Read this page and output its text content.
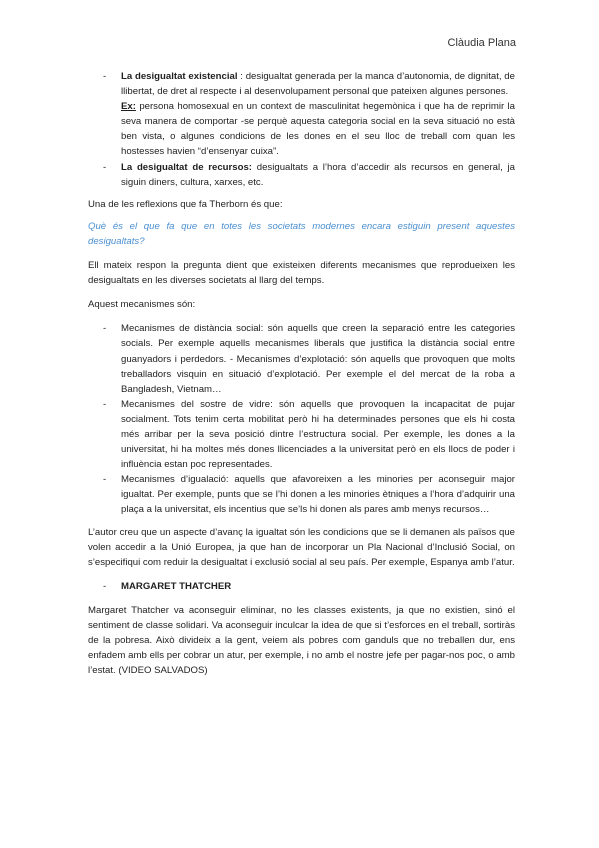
Clàudia Plana

- La desigualtat existencial : desigualtat generada per la manca d’autonomia, de dignitat, de llibertat, de dret al respecte i al desenvolupament personal que pateixen algunes persones.

Ex: persona homosexual en un context de masculinitat hegemònica i que ha de reprimir la seva manera de comportar -se perquè aquesta categoria social en la seva situació no està ben vista, o algunes condicions de les dones en el seu lloc de treball com quan les hostesses havien “d’ensenyar cuixa”.

- La desigualtat de recursos: desigualtats a l’hora d’accedir als recursos en general, ja siguin diners, cultura, xarxes, etc.

Una de les reflexions que fa Therborn és que:

Què és el que fa que en totes les societats modernes encara estiguin present aquestes desigualtats?

Ell mateix respon la pregunta dient que existeixen diferents mecanismes que reprodueixen les desigualtats en les diverses societats al llarg del temps.

Aquest mecanismes són:

- Mecanismes de distància social: són aquells que creen la separació entre les categories socials. Per exemple aquells mecanismes liberals que justifica la distància social entre guanyadors i perdedors. - Mecanismes d’explotació: són aquells que provoquen que molts treballadors visquin en situació d’explotació. Per exemple el del mercat de la roba a Bangladesh, Vietnam…
- Mecanismes del sostre de vidre: són aquells que provoquen la incapacitat de pujar socialment. Tots tenim certa mobilitat però hi ha determinades persones que els hi costa més arribar per la seva posició dintre l’estructura social. Per exemple, les dones a la universitat, hi ha moltes més dones llicenciades a la universitat però en els llocs de poder i influència estan poc representades.
- Mecanismes d’igualació: aquells que afavoreixen a les minories per aconseguir major igualtat. Per exemple, punts que se l’hi donen a les minories ètniques a l’hora d’adquirir una plaça a la universitat, els incentius que se’ls hi donen als pares amb menys recursos…

L’autor creu que un aspecte d’avanç la igualtat són les condicions que se li demanen als països que volen accedir a la Unió Europea, ja que han de incorporar un Pla Nacional d’Inclusió Social, on s’especifiqui com reduir la desigualtat i exclusió social al seu país. Per exemple, Espanya amb l’atur.

- MARGARET THATCHER

Margaret Thatcher va aconseguir eliminar, no les classes existents, ja que no existien, sinó el sentiment de classe solidari. Va aconseguir inculcar la idea de que si t’esforces en el treball, sortiràs de la pobresa. Això divideix a la gent, veiem als pobres com ganduls que no treballen dur, ens enfadem amb ells per cobrar un atur, per exemple, i no amb el nostre jefe per pagar-nos poc, o amb l’estat. (VIDEO SALVADOS)
